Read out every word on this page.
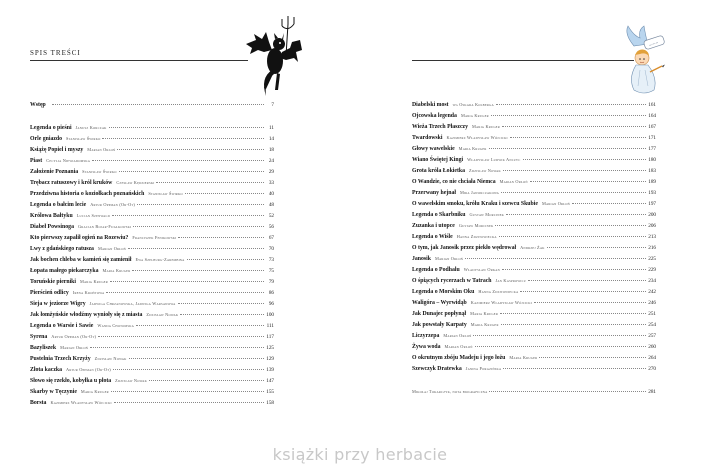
SPIS TREŚCI
Wstęp	7
Legenda o pieśni Janusz Korczak	11
Orle gniazdo Stanisław Świrko	14
Książę Popiel i myszy Marian Orłoń	18
Piast Cecylia Niewiadomska	24
Założenie Poznania Stanisław Świrko	29
Trębacz ratuszowy i król kruków Czesław Kędzierski	33
Przedziwna historia o koziołkach poznańskich Stanisław Świrko	40
Legenda o bałcim lecie Artur Oppman (Or-Ot)	48
Królowa Bałtyku Lucjan Szenwald	52
Diabeł Powsinoga Gracjan Bojar-Fijałkowski	56
Kto pierwszy zapalił ogień na Rozewiu? Franciszek Fenikowski	67
Lwy z gdańskiego ratusza Marian Orłoń	70
Jak bochen chleba w kamień się zamienił Ewa Szelburg-Zarembina	73
Łopata małego piekarczyka Maria Kruger	75
Toruńskie pierniki Maria Kruger	79
Pierścień odlicy Irena Krońtowa	86
Sieja w jeziorze Wigry Jadwiga Chrzanowska, Jadwiga Warsawowa	96
Jak łomżyńskie włodźmy wynioły się z miasta Zdzisław Nowak	100
Legenda o Warsie i Sawie Wanda Chotomska	111
Syrena Artur Oppman (Or-Ot)	117
Bazyliszek Marian Orłoń	125
Pustelnia Trzech Krzyży Zdzisław Nowak	129
Złota kaczka Artur Oppman (Or-Ot)	139
Słowo się rzekło, kobyłka u płota Zdzisław Nowak	147
Skarby w Tęczynie Maria Kruger	155
Borsta Kazimierz Władysław Wójcicki	158
~~~
Diabelski most wg Oskara Kolberga	161
Ojcowska legenda Maria Kruger	164
Wieża Trzech Płaszczy Maria Kruger	167
Twardowski Kazimierz Władysław Wójcicki	171
Głowy wawelskie Maria Kruger	177
Wiano Świętej Kingi Władysław Ludwik Anczyc	180
Grota króla Łokietka Zdzisław Nowak	183
O Wandzie, co nie chciała Niemca Marian Orłoń	189
Przerwany hejnał Mira Jaworczakowa	193
O wawelskim smoku, królu Kraku i szewcu Skubie Marian Orłoń	197
Legenda o Skarbniku Gustaw Morcinek	200
Zuzanka i utopce Gustaw Morcinek	206
Legenda o Wiśle Hanna Zdzitowiecka	213
O tym, jak Janosik przez piekło wędrował Andrzej Żak	216
Janosik Marian Orłoń	225
Legenda o Podhalu Władysław Orkan	229
O śpiących rycerzach w Tatrach Jan Kasprowicz	234
Legenda o Morskim Oku Hanna Zdzitowiecka	242
Waligóra – Wyrwidąb Kazimierz Władysław Wójcicki	246
Jak Dunajec popłynął Maria Kruger	251
Jak powstały Karpaty Maria Kruger	254
Liczyrzepa Marian Orłoń	257
Żywa woda Marian Orłoń	260
O okrutnym zbóju Madeju i jego łożu Maria Kruger	264
Szewczyk Dratewka Janina Porazińska	270
Mikołaj Tokarczyk, nota biograficzna	281
książki przy herbacie
